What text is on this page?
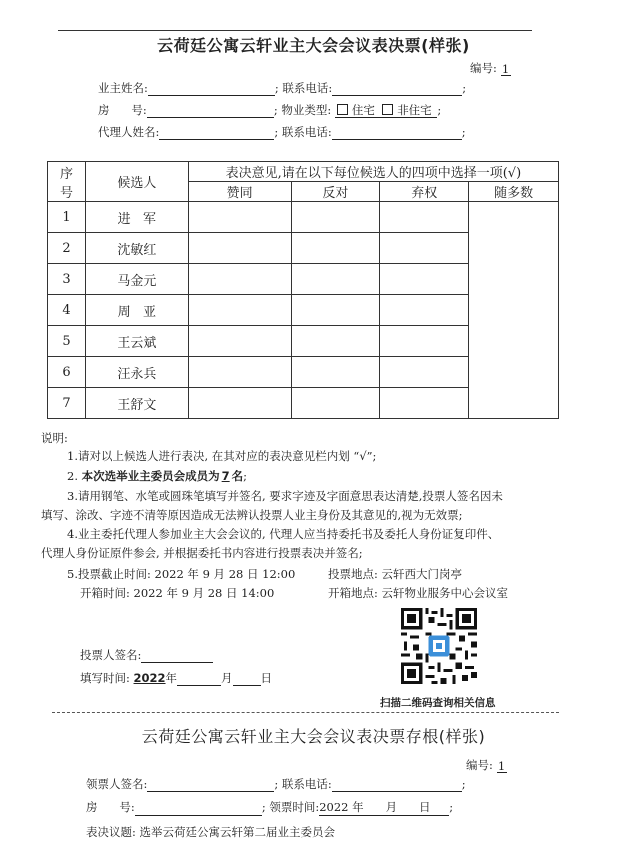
云荷廷公寓云轩业主大会会议表决票(样张)
编号: 1
业主姓名:	; 联系电话:	;
房      号:	; 物业类型: 住宅 非住宅 ;
代理人姓名:	; 联系电话:	;
序
号	候选人	表决意见,请在以下每位候选人的四项中选择一项(√)			
		赞同	反对	弃权	随多数
1	进   军				
2	沈敏红				
3	马金元				
4	周   亚				
5	王云斌				
6	汪永兵				
7	王舒文				
说明:
1.请对以上候选人进行表决, 在其对应的表决意见栏内划 “√”;
2. 本次选举业主委员会成员为 7 名;
3.请用钢笔、水笔或圆珠笔填写并签名, 要求字迹及字面意思表达清楚,投票人签名因未
填写、涂改、字迹不清等原因造成无法辨认投票人业主身份及其意见的,视为无效票;
4.业主委托代理人参加业主大会会议的, 代理人应当持委托书及委托人身份证复印件、
代理人身份证原件参会, 并根据委托书内容进行投票表决并签名;
5.投票截止时间: 2022 年 9 月 28 日 12:00	投票地点: 云轩西大门岗亭
开箱时间: 2022 年 9 月 28 日 14:00	开箱地点: 云轩物业服务中心会议室
投票人签名:
填写时间: 2022年	月 日
扫描二维码查询相关信息
云荷廷公寓云轩业主大会会议表决票存根(样张)
编号: 1
领票人签名:	; 联系电话:	;
房      号:	; 领票时间:2022 年      月      日 ;
表决议题: 选举云荷廷公寓云轩第二届业主委员会
